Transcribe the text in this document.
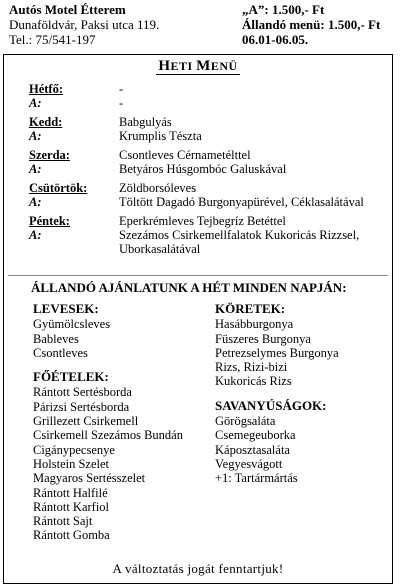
Autós Motel Étterem
Dunaföldvár, Paksi utca 119.
Tel.: 75/541-197
„A”: 1.500,- Ft
Állandó menü: 1.500,- Ft
06.01-06.05.
HETI MENÜ
Hétfő:	-
A:	-
Kedd:	Babgulyás
A:	Krumplis Tészta
Szerda:	Csontleves Cérnametélttel
A:	Betyáros Húsgombóc Galuskával
Csütörtök:	Zöldborsóleves
A:	Töltött Dagadó Burgonyapürével, Céklasalátával
Péntek:	Eperkrémleves Tejbegríz Betéttel
A:	Szezámos Csirkemellfalatok Kukoricás Rizzsel, Uborkasalátával
ÁLLANDÓ AJÁNLATUNK A HÉT MINDEN NAPJÁN:
LEVESEK:
Gyümölcsleves
Bableves
Csontleves
FŐÉTELEK:
Rántott Sertésborda
Párizsi Sertésborda
Grillezett Csirkemell
Csirkemell Szezámos Bundán
Cigánypecsenye
Holstein Szelet
Magyaros Sertésszelet
Rántott Halfilé
Rántott Karfiol
Rántott Sajt
Rántott Gomba
KÖRETEK:
Hasábburgonya
Füszeres Burgonya
Petrezselymes Burgonya
Rizs, Rizi-bizi
Kukoricás Rizs
SAVANYÚSÁGOK:
Görögsaláta
Csemegeuborka
Káposztasaláta
Vegyesvágott
+1: Tartármártás
A változtatás jogát fenntartjuk!
